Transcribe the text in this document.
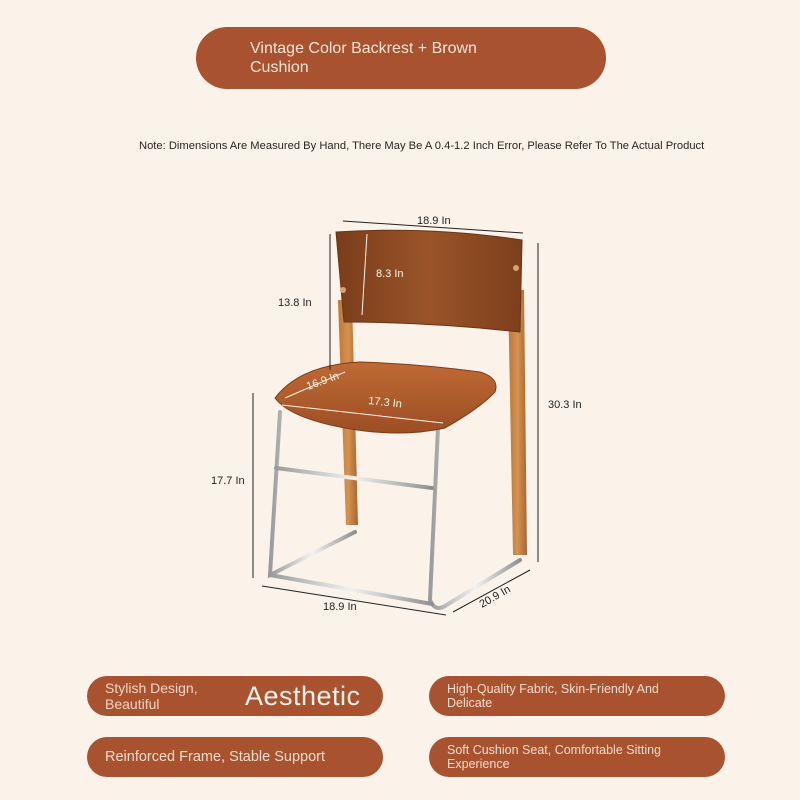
Vintage Color Backrest + Brown Cushion
Note: Dimensions Are Measured By Hand, There May Be A 0.4-1.2 Inch Error, Please Refer To The Actual Product
18.9 In
8.3 In
13.8 In
30.3 In
16.9 In
17.3 In
17.7 In
18.9 In	20.9 In
Stylish Design, Beautiful	Aesthetic	High-Quality Fabric, Skin-Friendly And Delicate
Reinforced Frame, Stable Support	Soft Cushion Seat, Comfortable Sitting Experience
